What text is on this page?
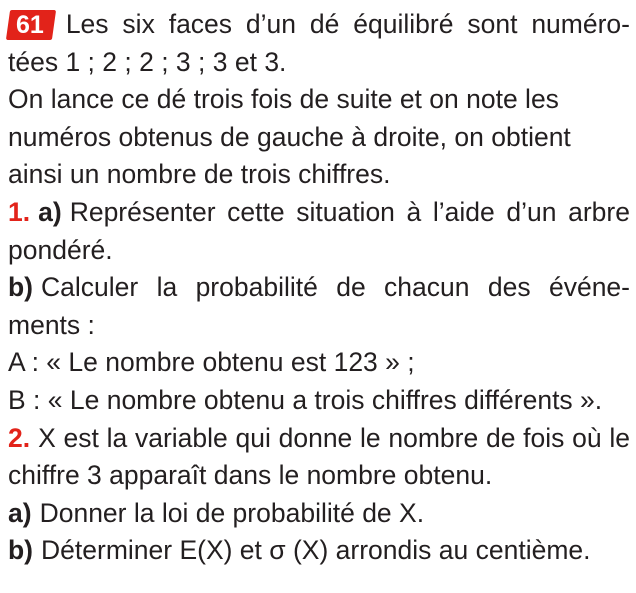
61 Les six faces d’un dé équilibré sont numéro-
tées 1 ; 2 ; 2 ; 3 ; 3 et 3.
On lance ce dé trois fois de suite et on note les
numéros obtenus de gauche à droite, on obtient
ainsi un nombre de trois chiffres.
1. a) Représenter cette situation à l’aide d’un arbre
pondéré.
b) Calculer la probabilité de chacun des événe-
ments :
A : « Le nombre obtenu est 123 » ;
B : « Le nombre obtenu a trois chiffres différents ».
2. X est la variable qui donne le nombre de fois où le
chiffre 3 apparaît dans le nombre obtenu.
a) Donner la loi de probabilité de X.
b) Déterminer E(X) et σ (X) arrondis au centième.
